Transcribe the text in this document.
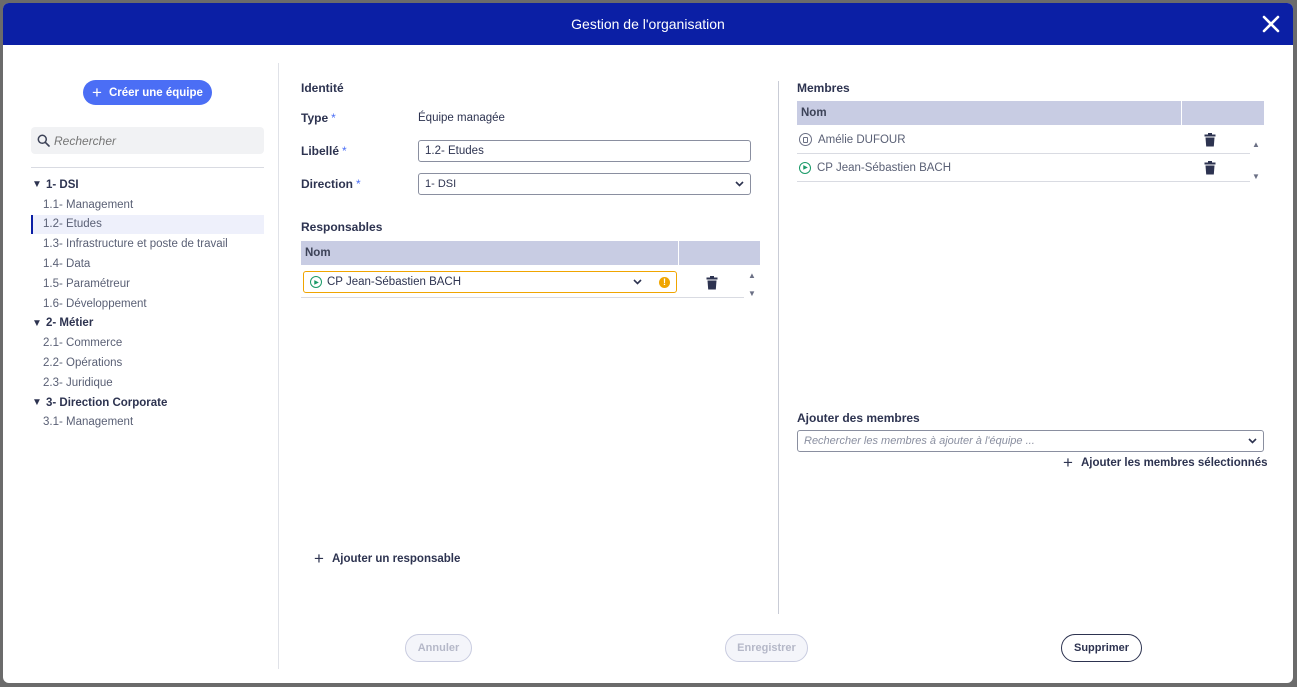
Gestion de l'organisation
+ Créer une équipe
Rechercher
▼ 1- DSI
1.1- Management
1.2- Etudes
1.3- Infrastructure et poste de travail
1.4- Data
1.5- Paramétreur
1.6- Développement
▼ 2- Métier
2.1- Commerce
2.2- Opérations
2.3- Juridique
▼ 3- Direction Corporate
3.1- Management
Identité
Type *	Équipe managée
Libellé *	1.2- Etudes
Direction *	1- DSI
Responsables
Nom
▶ CP Jean-Sébastien BACH	!
▲
▼
+ Ajouter un responsable
Membres
Nom
Amélie DUFOUR
▶ CP Jean-Sébastien BACH
▲
▼
Ajouter des membres
Rechercher les membres à ajouter à l'équipe ...
+ Ajouter les membres sélectionnés
Annuler	Enregistrer	Supprimer
